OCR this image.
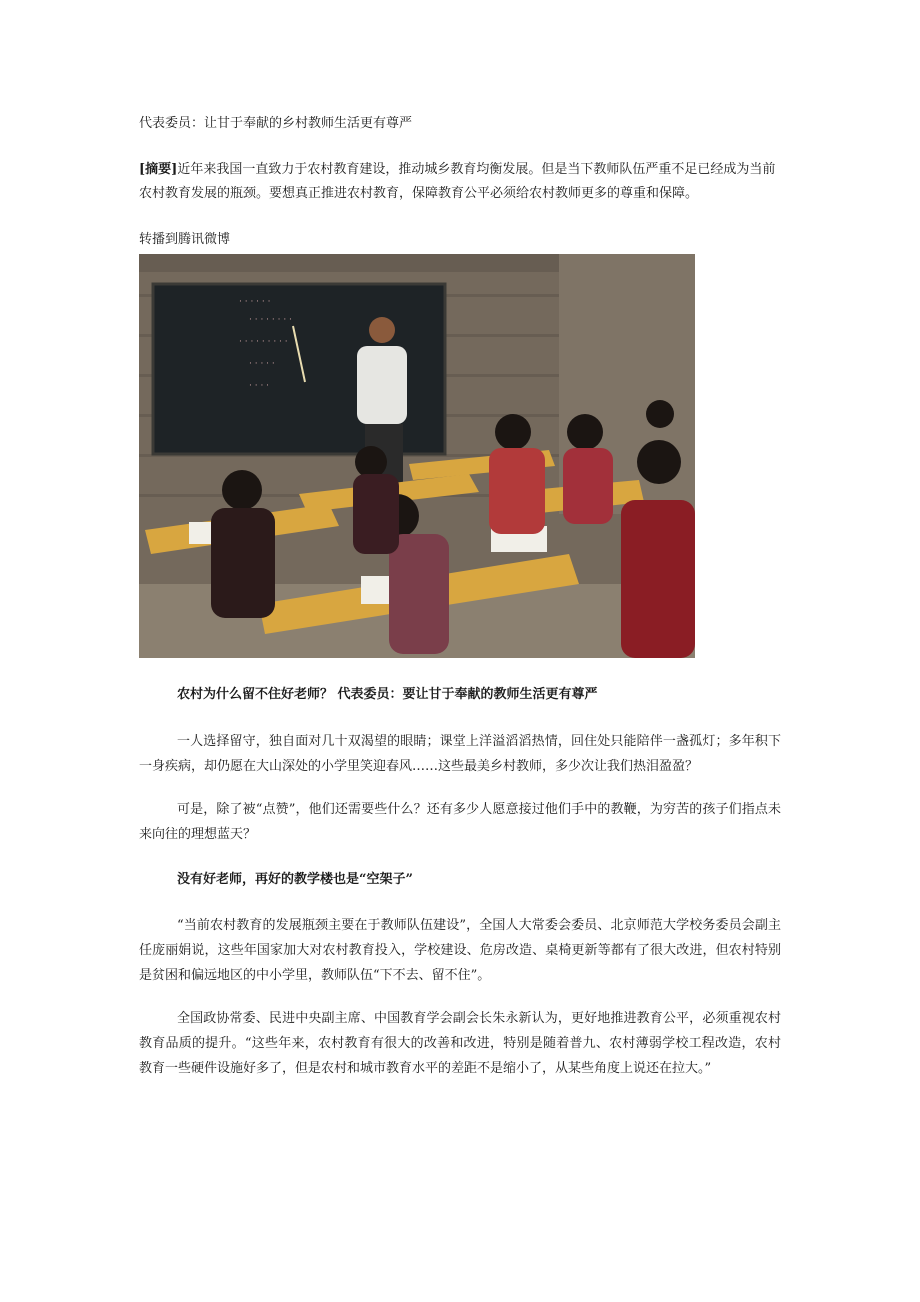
代表委员：让甘于奉献的乡村教师生活更有尊严
[摘要]近年来我国一直致力于农村教育建设，推动城乡教育均衡发展。但是当下教师队伍严重不足已经成为当前农村教育发展的瓶颈。要想真正推进农村教育，保障教育公平必须给农村教师更多的尊重和保障。
转播到腾讯微博
· · · · · ·
· · · · · · · ·
· · · · · · · · ·
· · · · ·
· · · ·
农村为什么留不住好老师？ 代表委员：要让甘于奉献的教师生活更有尊严
一人选择留守，独自面对几十双渴望的眼睛；课堂上洋溢滔滔热情，回住处只能陪伴一盏孤灯；多年积下一身疾病，却仍愿在大山深处的小学里笑迎春风……这些最美乡村教师，多少次让我们热泪盈盈？
可是，除了被“点赞”，他们还需要些什么？还有多少人愿意接过他们手中的教鞭，为穷苦的孩子们指点未来向往的理想蓝天？
没有好老师，再好的教学楼也是“空架子”
“当前农村教育的发展瓶颈主要在于教师队伍建设”，全国人大常委会委员、北京师范大学校务委员会副主任庞丽娟说，这些年国家加大对农村教育投入，学校建设、危房改造、桌椅更新等都有了很大改进，但农村特别是贫困和偏远地区的中小学里，教师队伍“下不去、留不住”。
全国政协常委、民进中央副主席、中国教育学会副会长朱永新认为，更好地推进教育公平，必须重视农村教育品质的提升。“这些年来，农村教育有很大的改善和改进，特别是随着普九、农村薄弱学校工程改造，农村教育一些硬件设施好多了，但是农村和城市教育水平的差距不是缩小了，从某些角度上说还在拉大。”
